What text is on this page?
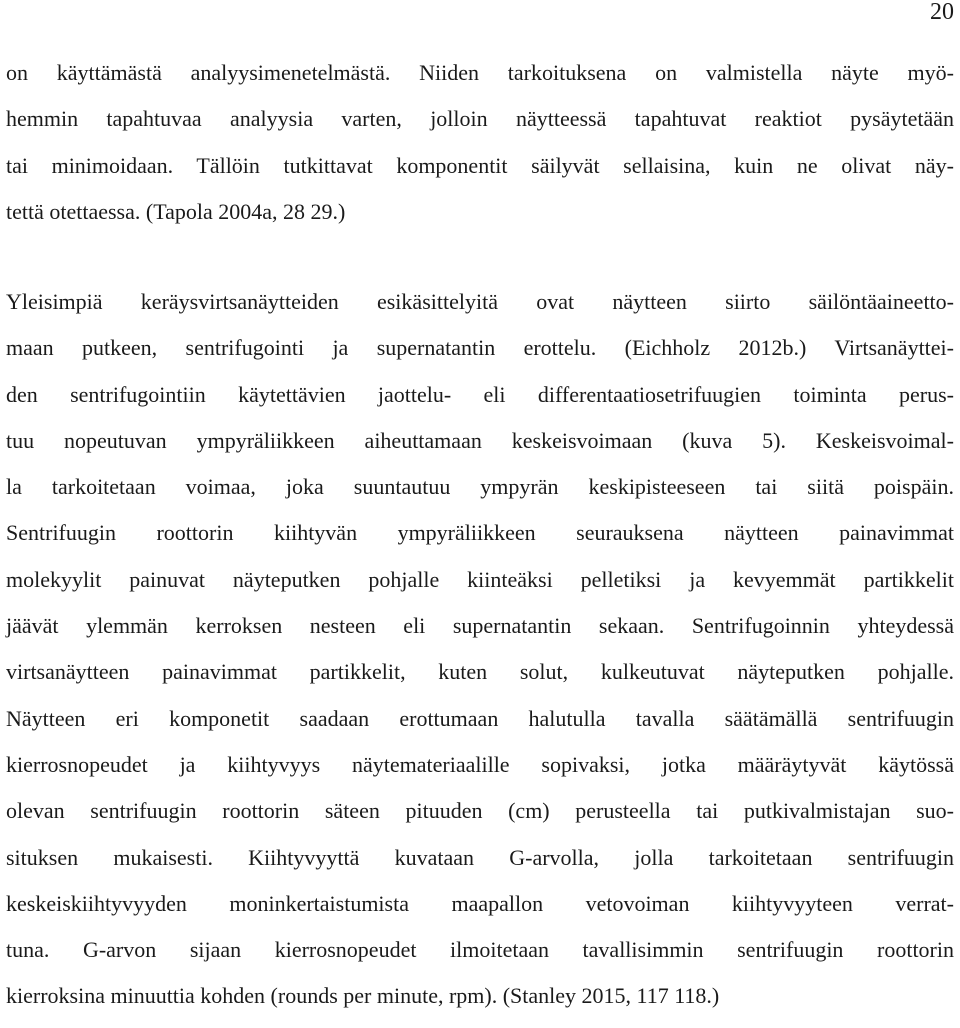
20
on käyttämästä analyysimenetelmästä. Niiden tarkoituksena on valmistella näyte myö-
hemmin tapahtuvaa analyysia varten, jolloin näytteessä tapahtuvat reaktiot pysäytetään
tai minimoidaan. Tällöin tutkittavat komponentit säilyvät sellaisina, kuin ne olivat näy-
tettä otettaessa. (Tapola 2004a, 28 29.)
Yleisimpiä keräysvirtsanäytteiden esikäsittelyitä ovat näytteen siirto säilöntäaineetto-
maan putkeen, sentrifugointi ja supernatantin erottelu. (Eichholz 2012b.) Virtsanäyttei-
den sentrifugointiin käytettävien jaottelu- eli differentaatiosetrifuugien toiminta perus-
tuu nopeutuvan ympyräliikkeen aiheuttamaan keskeisvoimaan (kuva 5). Keskeisvoimal-
la tarkoitetaan voimaa, joka suuntautuu ympyrän keskipisteeseen tai siitä poispäin.
Sentrifuugin roottorin kiihtyvän ympyräliikkeen seurauksena näytteen painavimmat
molekyylit painuvat näyteputken pohjalle kiinteäksi pelletiksi ja kevyemmät partikkelit
jäävät ylemmän kerroksen nesteen eli supernatantin sekaan. Sentrifugoinnin yhteydessä
virtsanäytteen painavimmat partikkelit, kuten solut, kulkeutuvat näyteputken pohjalle.
Näytteen eri komponetit saadaan erottumaan halutulla tavalla säätämällä sentrifuugin
kierrosnopeudet ja kiihtyvyys näytemateriaalille sopivaksi, jotka määräytyvät käytössä
olevan sentrifuugin roottorin säteen pituuden (cm) perusteella tai putkivalmistajan suo-
situksen mukaisesti. Kiihtyvyyttä kuvataan G-arvolla, jolla tarkoitetaan sentrifuugin
keskeiskiihtyvyyden moninkertaistumista maapallon vetovoiman kiihtyvyyteen verrat-
tuna. G-arvon sijaan kierrosnopeudet ilmoitetaan tavallisimmin sentrifuugin roottorin
kierroksina minuuttia kohden (rounds per minute, rpm). (Stanley 2015, 117 118.)
